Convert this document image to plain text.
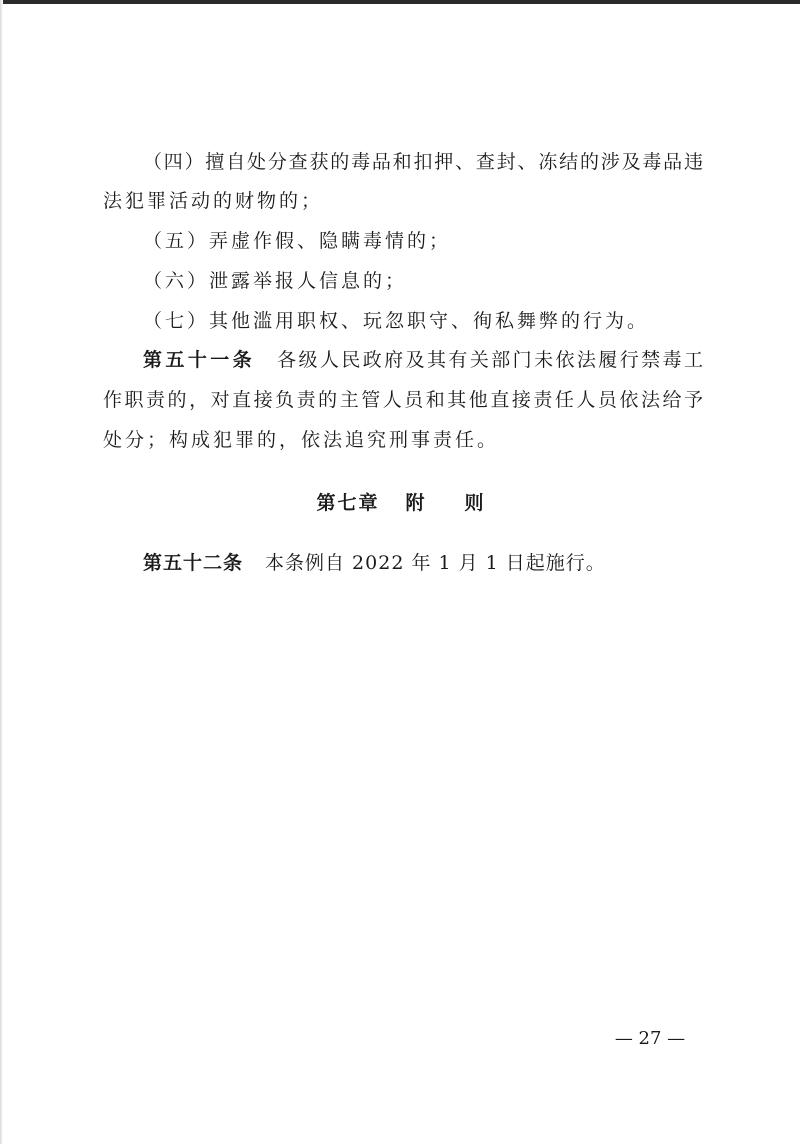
（四）擅自处分查获的毒品和扣押、查封、冻结的涉及毒品违
法犯罪活动的财物的；
（五）弄虚作假、隐瞒毒情的；
（六）泄露举报人信息的；
（七）其他滥用职权、玩忽职守、徇私舞弊的行为。
第五十一条 各级人民政府及其有关部门未依法履行禁毒工
作职责的，对直接负责的主管人员和其他直接责任人员依法给予
处分；构成犯罪的，依法追究刑事责任。
第七章 附 则
第五十二条 本条例自 2022 年 1 月 1 日起施行。
— 27 —
